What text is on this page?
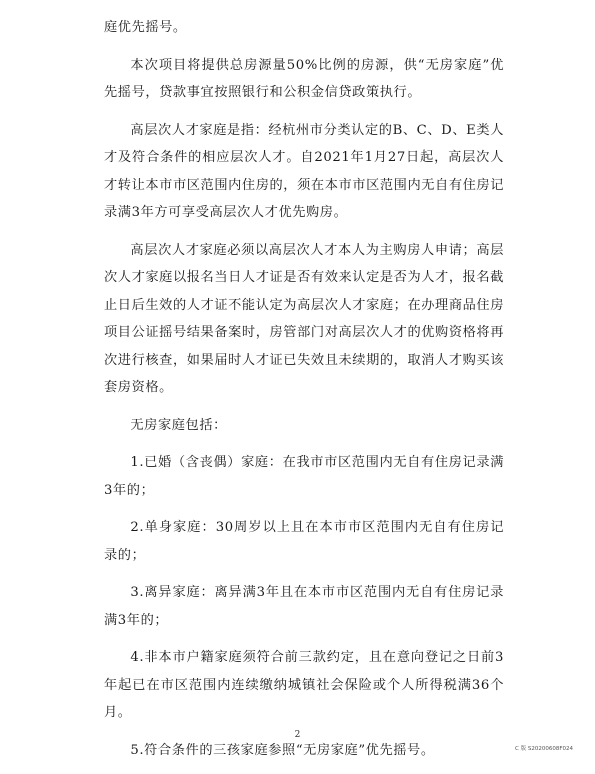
庭优先摇号。

本次项目将提供总房源量50%比例的房源，供“无房家庭”优先摇号，贷款事宜按照银行和公积金信贷政策执行。

高层次人才家庭是指：经杭州市分类认定的B、C、D、E类人才及符合条件的相应层次人才。自2021年1月27日起，高层次人才转让本市市区范围内住房的，须在本市市区范围内无自有住房记录满3年方可享受高层次人才优先购房。

高层次人才家庭必须以高层次人才本人为主购房人申请；高层次人才家庭以报名当日人才证是否有效来认定是否为人才，报名截止日后生效的人才证不能认定为高层次人才家庭；在办理商品住房项目公证摇号结果备案时，房管部门对高层次人才的优购资格将再次进行核查，如果届时人才证已失效且未续期的，取消人才购买该套房资格。

无房家庭包括：

1.已婚（含丧偶）家庭：在我市市区范围内无自有住房记录满3年的；

2.单身家庭：30周岁以上且在本市市区范围内无自有住房记录的；

3.离异家庭：离异满3年且在本市市区范围内无自有住房记录满3年的；

4.非本市户籍家庭须符合前三款约定，且在意向登记之日前3年起已在市区范围内连续缴纳城镇社会保险或个人所得税满36个月。

5.符合条件的三孩家庭参照“无房家庭”优先摇号。

2
C 版 S20200608F024
